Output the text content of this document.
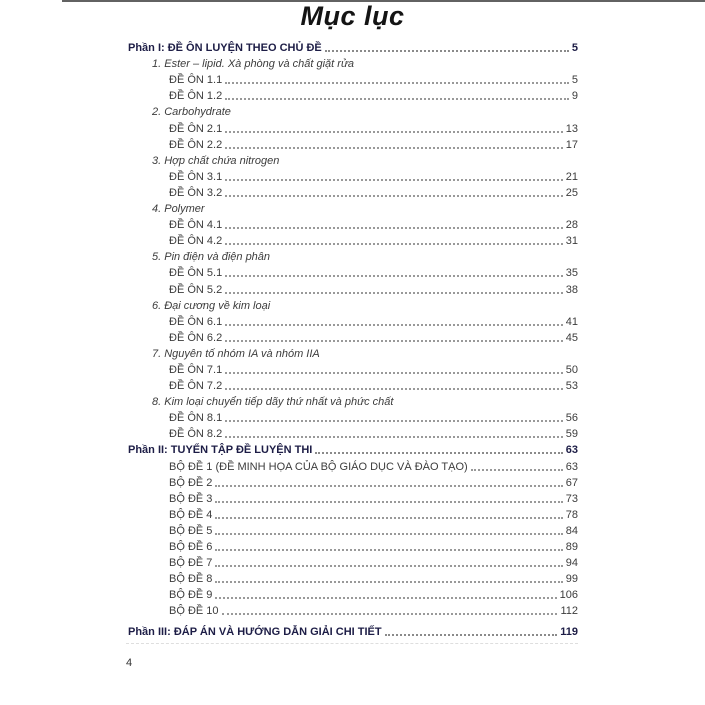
Mục lục
Phần I: ĐỀ ÔN LUYỆN THEO CHỦ ĐỀ	5
1. Ester – lipid. Xà phòng và chất giặt rửa
ĐỀ ÔN 1.1	5
ĐỀ ÔN 1.2	9
2. Carbohydrate
ĐỀ ÔN 2.1	13
ĐỀ ÔN 2.2	17
3. Hợp chất chứa nitrogen
ĐỀ ÔN 3.1	21
ĐỀ ÔN 3.2	25
4. Polymer
ĐỀ ÔN 4.1	28
ĐỀ ÔN 4.2	31
5. Pin điện và điện phân
ĐỀ ÔN 5.1	35
ĐỀ ÔN 5.2	38
6. Đại cương về kim loại
ĐỀ ÔN 6.1	41
ĐỀ ÔN 6.2	45
7. Nguyên tố nhóm IA và nhóm IIA
ĐỀ ÔN 7.1	50
ĐỀ ÔN 7.2	53
8. Kim loại chuyển tiếp dãy thứ nhất và phức chất
ĐỀ ÔN 8.1	56
ĐỀ ÔN 8.2	59
Phần II: TUYỂN TẬP ĐỀ LUYỆN THI	63
BỘ ĐỀ 1 (ĐỀ MINH HỌA CỦA BỘ GIÁO DỤC VÀ ĐÀO TẠO)	63
BỘ ĐỀ 2	67
BỘ ĐỀ 3	73
BỘ ĐỀ 4	78
BỘ ĐỀ 5	84
BỘ ĐỀ 6	89
BỘ ĐỀ 7	94
BỘ ĐỀ 8	99
BỘ ĐỀ 9	106
BỘ ĐỀ 10	112
Phần III: ĐÁP ÁN VÀ HƯỚNG DẪN GIẢI CHI TIẾT	119
4
